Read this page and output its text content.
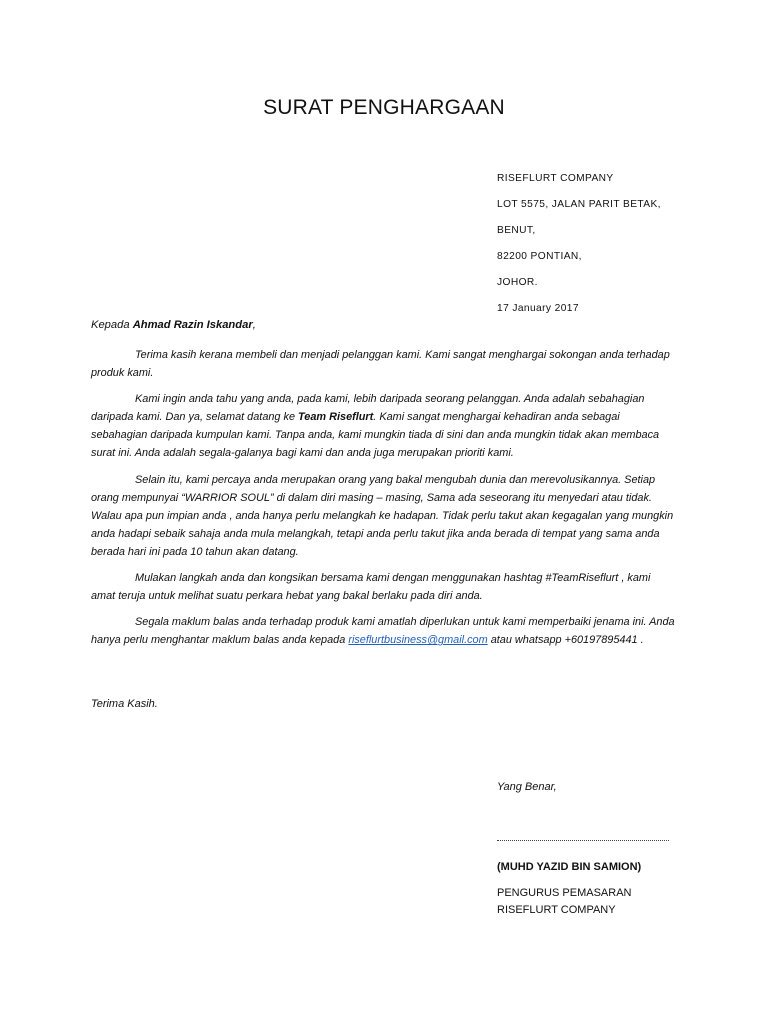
SURAT PENGHARGAAN
RISEFLURT COMPANY
LOT 5575, JALAN PARIT BETAK,
BENUT,
82200 PONTIAN,
JOHOR.
17 January 2017
Kepada Ahmad Razin Iskandar,

Terima kasih kerana membeli dan menjadi pelanggan kami. Kami sangat menghargai sokongan anda terhadap produk kami.

Kami ingin anda tahu yang anda, pada kami, lebih daripada seorang pelanggan. Anda adalah sebahagian daripada kami. Dan ya, selamat datang ke Team Riseflurt. Kami sangat menghargai kehadiran anda sebagai sebahagian daripada kumpulan kami. Tanpa anda, kami mungkin tiada di sini dan anda mungkin tidak akan membaca surat ini. Anda adalah segala-galanya bagi kami dan anda juga merupakan prioriti kami.

Selain itu, kami percaya anda merupakan orang yang bakal mengubah dunia dan merevolusikannya. Setiap orang mempunyai “WARRIOR SOUL” di dalam diri masing – masing, Sama ada seseorang itu menyedari atau tidak. Walau apa pun impian anda , anda hanya perlu melangkah ke hadapan. Tidak perlu takut akan kegagalan yang mungkin anda hadapi sebaik sahaja anda mula melangkah, tetapi anda perlu takut jika anda berada di tempat yang sama anda berada hari ini pada 10 tahun akan datang.

Mulakan langkah anda dan kongsikan bersama kami dengan menggunakan hashtag #TeamRiseflurt , kami amat teruja untuk melihat suatu perkara hebat yang bakal berlaku pada diri anda.

Segala maklum balas anda terhadap produk kami amatlah diperlukan untuk kami memperbaiki jenama ini. Anda hanya perlu menghantar maklum balas anda kepada riseflurtbusiness@gmail.com atau whatsapp +60197895441 .

Terima Kasih.
Yang Benar,
(MUHD YAZID BIN SAMION)
PENGURUS PEMASARAN
RISEFLURT COMPANY
